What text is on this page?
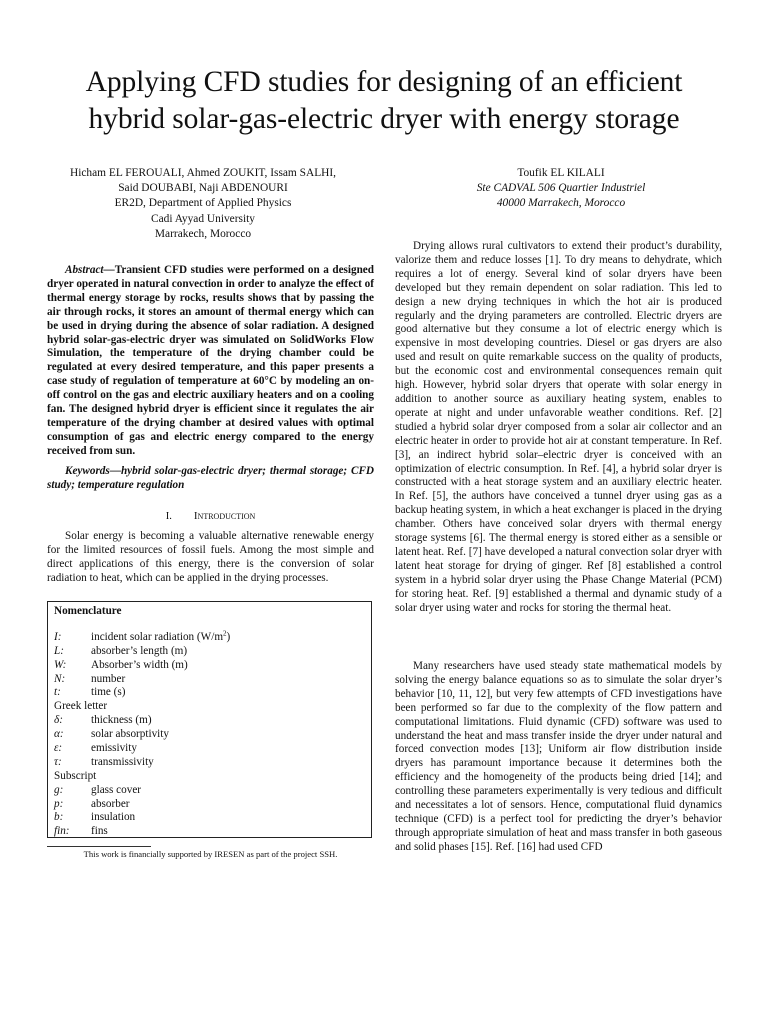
Applying CFD studies for designing of an efficient
hybrid solar-gas-electric dryer with energy storage
Hicham EL FEROUALI, Ahmed ZOUKIT, Issam SALHI,
Said DOUBABI, Naji ABDENOURI
ER2D, Department of Applied Physics
Cadi Ayyad University
Marrakech, Morocco
Toufik EL KILALI
Ste CADVAL 506 Quartier Industriel
40000 Marrakech, Morocco

Abstract—Transient CFD studies were performed on a designed dryer operated in natural convection in order to analyze the effect of thermal energy storage by rocks, results shows that by passing the air through rocks, it stores an amount of thermal energy which can be used in drying during the absence of solar radiation. A designed hybrid solar-gas-electric dryer was simulated on SolidWorks Flow Simulation, the temperature of the drying chamber could be regulated at every desired temperature, and this paper presents a case study of regulation of temperature at 60°C by modeling an on-off control on the gas and electric auxiliary heaters and on a cooling fan. The designed hybrid dryer is efficient since it regulates the air temperature of the drying chamber at desired values with optimal consumption of gas and electric energy compared to the energy received from sun.

Keywords—hybrid solar-gas-electric dryer; thermal storage; CFD study; temperature regulation

I. Introduction

Solar energy is becoming a valuable alternative renewable energy for the limited resources of fossil fuels. Among the most simple and direct applications of this energy, there is the conversion of solar radiation to heat, which can be applied in the drying processes.

Nomenclature
I:	incident solar radiation $(W/m^2)$
L:	absorber’s length (m)
W:	Absorber’s width (m)
N:	number
t:	time (s)
Greek letter
δ:	thickness (m)
α:	solar absorptivity
ε:	emissivity
τ:	transmissivity
Subscript
g:	glass cover
p:	absorber
b:	insulation
fin:	fins
This work is financially supported by IRESEN as part of the project SSH.

Drying allows rural cultivators to extend their product’s durability, valorize them and reduce losses [1]. To dry means to dehydrate, which requires a lot of energy. Several kind of solar dryers have been developed but they remain dependent on solar radiation. This led to design a new drying techniques in which the hot air is produced regularly and the drying parameters are controlled. Electric dryers are good alternative but they consume a lot of electric energy which is expensive in most developing countries. Diesel or gas dryers are also used and result on quite remarkable success on the quality of products, but the economic cost and environmental consequences remain quit high. However, hybrid solar dryers that operate with solar energy in addition to another source as auxiliary heating system, enables to operate at night and under unfavorable weather conditions. Ref. [2] studied a hybrid solar dryer composed from a solar air collector and an electric heater in order to provide hot air at constant temperature. In Ref. [3], an indirect hybrid solar–electric dryer is conceived with an optimization of electric consumption. In Ref. [4], a hybrid solar dryer is constructed with a heat storage system and an auxiliary electric heater. In Ref. [5], the authors have conceived a tunnel dryer using gas as a backup heating system, in which a heat exchanger is placed in the drying chamber. Others have conceived solar dryers with thermal energy storage systems [6]. The thermal energy is stored either as a sensible or latent heat. Ref. [7] have developed a natural convection solar dryer with latent heat storage for drying of ginger. Ref [8] established a control system in a hybrid solar dryer using the Phase Change Material (PCM) for storing heat. Ref. [9] established a thermal and dynamic study of a solar dryer using water and rocks for storing the thermal heat.

Many researchers have used steady state mathematical models by solving the energy balance equations so as to simulate the solar dryer’s behavior [10, 11, 12], but very few attempts of CFD investigations have been performed so far due to the complexity of the flow pattern and computational limitations. Fluid dynamic (CFD) software was used to understand the heat and mass transfer inside the dryer under natural and forced convection modes [13]; Uniform air flow distribution inside dryers has paramount importance because it determines both the efficiency and the homogeneity of the products being dried [14]; and controlling these parameters experimentally is very tedious and difficult and necessitates a lot of sensors. Hence, computational fluid dynamics technique (CFD) is a perfect tool for predicting the dryer’s behavior through appropriate simulation of heat and mass transfer in both gaseous and solid phases [15]. Ref. [16] had used CFD
